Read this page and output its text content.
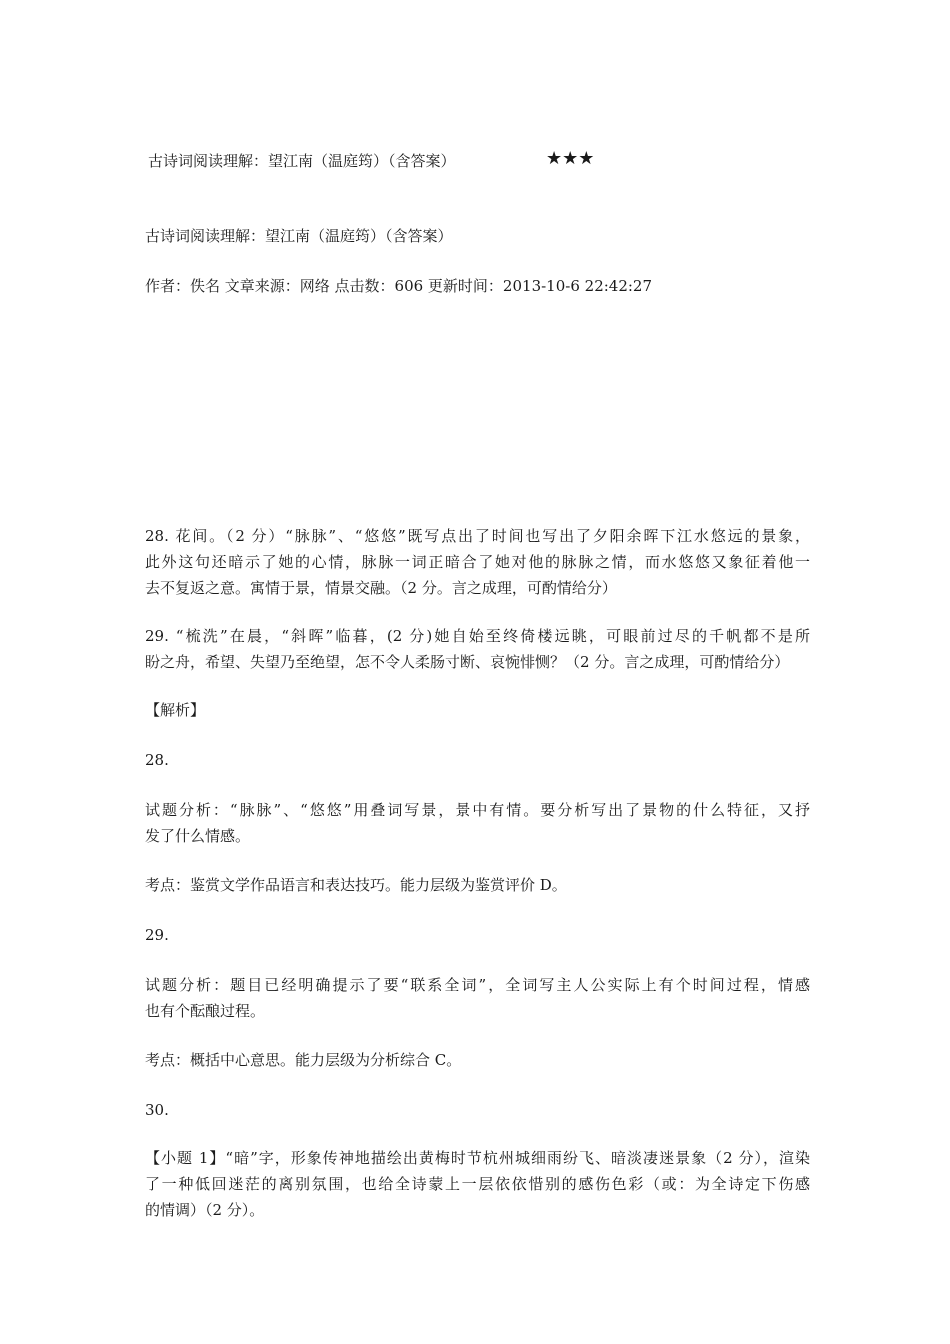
古诗词阅读理解：望江南（温庭筠）（含答案）	★★★
古诗词阅读理解：望江南（温庭筠）（含答案）
作者：佚名 文章来源：网络 点击数：606 更新时间：2013-10-6 22:42:27
28. 花间。（2 分）“脉脉”、“悠悠”既写点出了时间也写出了夕阳余晖下江水悠远的景象，
此外这句还暗示了她的心情，脉脉一词正暗合了她对他的脉脉之情，而水悠悠又象征着他一
去不复返之意。寓情于景，情景交融。（2 分。言之成理，可酌情给分）
29. “梳洗”在晨，“斜晖”临暮，(2 分)她自始至终倚楼远眺，可眼前过尽的千帆都不是所
盼之舟，希望、失望乃至绝望，怎不令人柔肠寸断、哀惋悱恻？（2 分。言之成理，可酌情给分）
【解析】
28.
试题分析：“脉脉”、“悠悠”用叠词写景，景中有情。要分析写出了景物的什么特征，又抒
发了什么情感。
考点：鉴赏文学作品语言和表达技巧。能力层级为鉴赏评价 D。
29.
试题分析：题目已经明确提示了要“联系全词”，全词写主人公实际上有个时间过程，情感
也有个酝酿过程。
考点：概括中心意思。能力层级为分析综合 C。
30.
【小题 1】“暗”字，形象传神地描绘出黄梅时节杭州城细雨纷飞、暗淡凄迷景象（2 分），渲染
了一种低回迷茫的离别氛围，也给全诗蒙上一层依依惜别的感伤色彩（或：为全诗定下伤感
的情调）（2 分）。
